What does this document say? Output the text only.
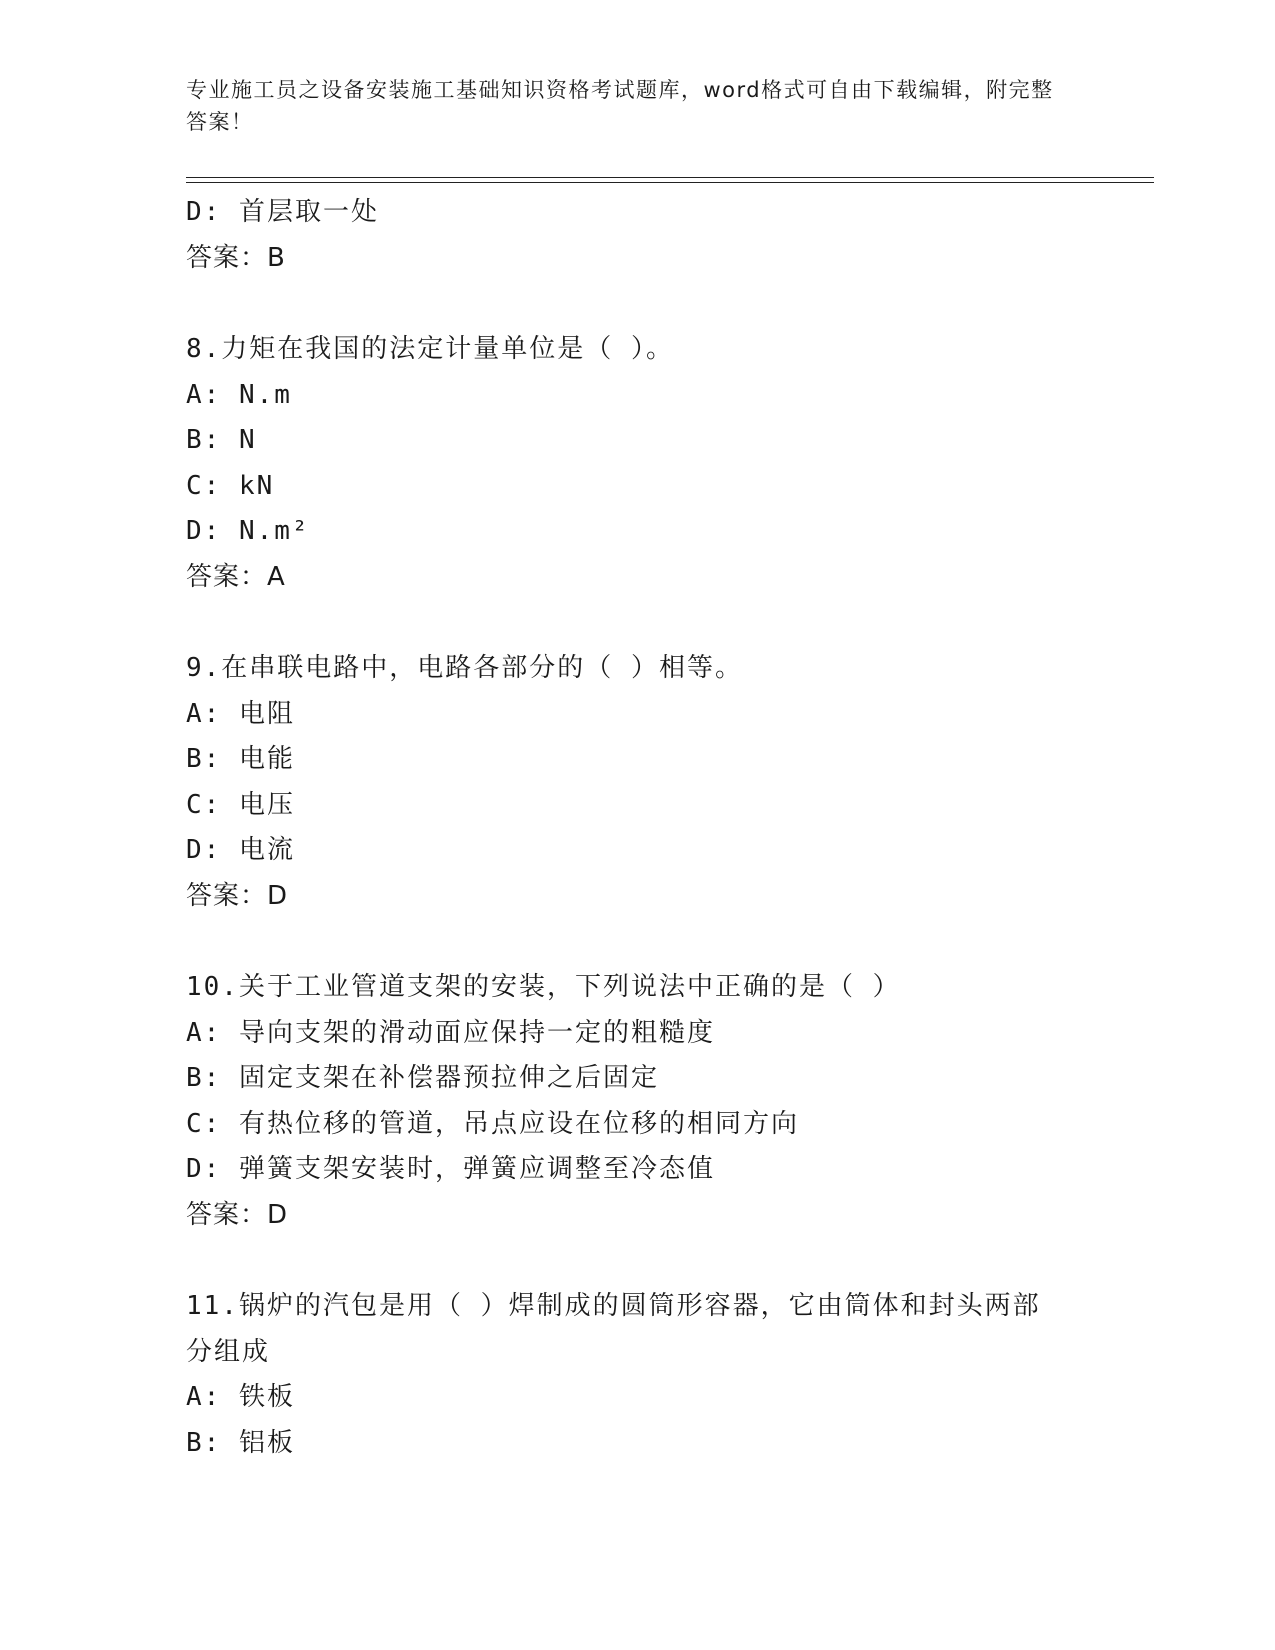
专业施工员之设备安装施工基础知识资格考试题库，word格式可自由下载编辑，附完整答案！
D: 首层取一处
答案：B
8.力矩在我国的法定计量单位是（ ）。
A: N.m
B: N
C: kN
D: N.m²
答案：A
9.在串联电路中，电路各部分的（ ）相等。
A: 电阻
B: 电能
C: 电压
D: 电流
答案：D
10.关于工业管道支架的安装，下列说法中正确的是（ ）
A: 导向支架的滑动面应保持一定的粗糙度
B: 固定支架在补偿器预拉伸之后固定
C: 有热位移的管道，吊点应设在位移的相同方向
D: 弹簧支架安装时，弹簧应调整至冷态值
答案：D
11.锅炉的汽包是用（ ）焊制成的圆筒形容器，它由筒体和封头两部
分组成
A: 铁板
B: 铝板
